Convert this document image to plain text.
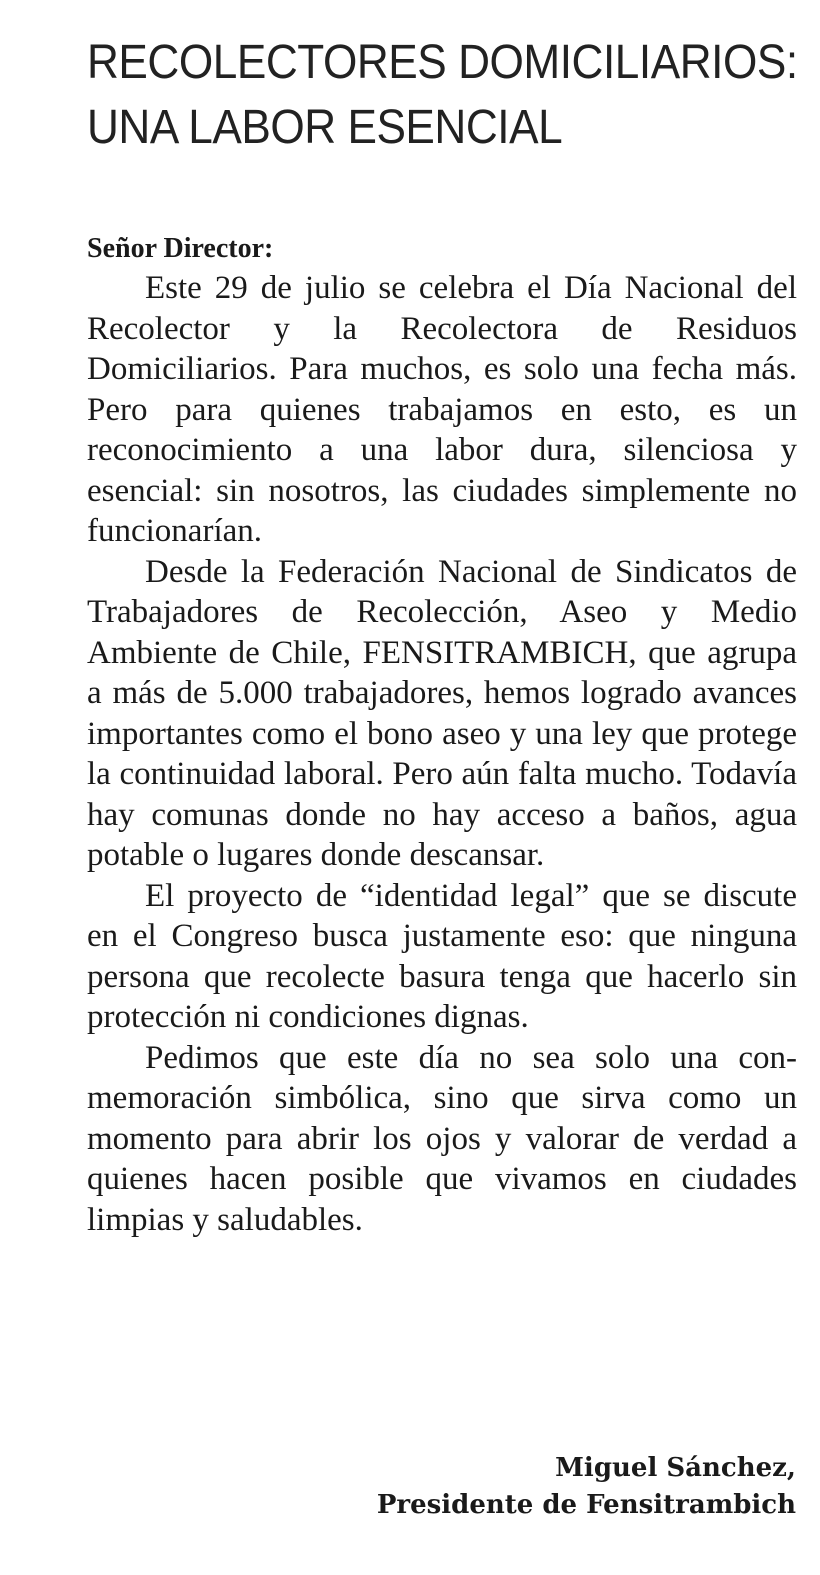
RECOLECTORES DOMICILIARIOS: UNA LABOR ESENCIAL
Señor Director:

Este 29 de julio se celebra el Día Nacional del Recolector y la Recolectora de Residuos Domiciliarios. Para muchos, es solo una fecha más. Pero para quienes trabajamos en esto, es un reconocimiento a una labor dura, silenciosa y esencial: sin nosotros, las ciudades simplemente no funcionarían.

Desde la Federación Nacional de Sindicatos de Trabajadores de Recolección, Aseo y Medio Ambiente de Chile, FENSITRAMBICH, que agrupa a más de 5.000 trabajadores, hemos logrado avances importantes como el bono aseo y una ley que protege la continuidad laboral. Pero aún falta mucho. Todavía hay comunas donde no hay acceso a baños, agua potable o lugares donde descansar.

El proyecto de “identidad legal” que se discute en el Congreso busca justamente eso: que ninguna persona que recolecte basura tenga que hacerlo sin protección ni condiciones dignas.

Pedimos que este día no sea solo una conmemoración simbólica, sino que sirva como un momento para abrir los ojos y valorar de verdad a quienes hacen posible que vivamos en ciudades limpias y saludables.

Miguel Sánchez,
Presidente de Fensitrambich
